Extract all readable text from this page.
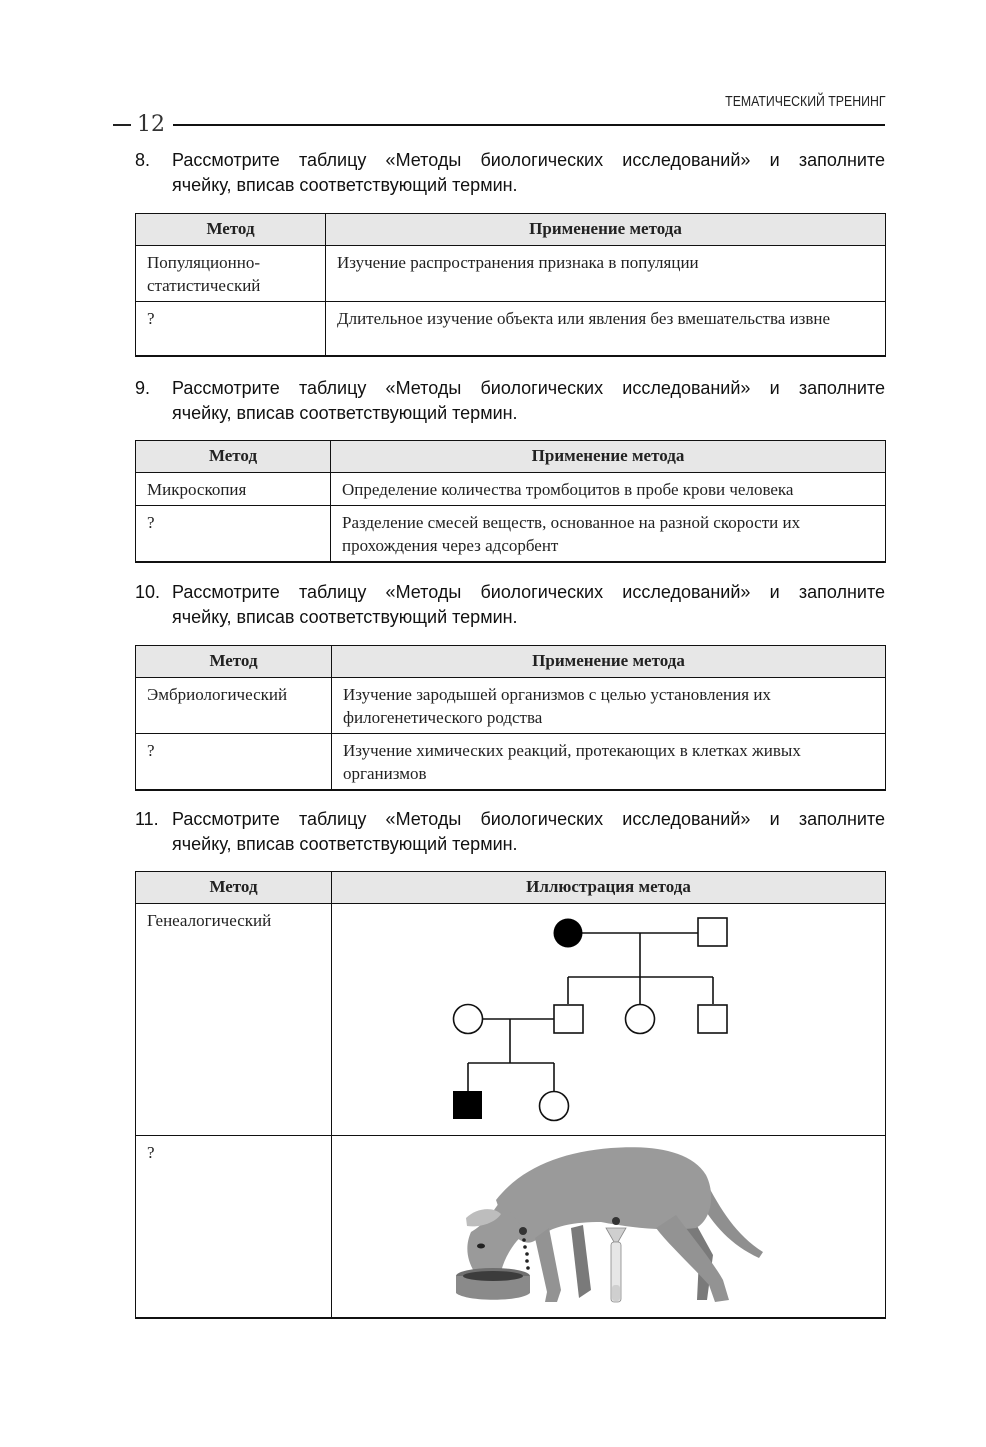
ТЕМАТИЧЕСКИЙ ТРЕНИНГ
12
8. Рассмотрите таблицу «Методы биологических исследований» и заполните
ячейку, вписав соответствующий термин.
Метод	Применение метода

Популяционно-статистический	Изучение распространения признака в популяции
?	Длительное изучение объекта или явления без вмешательства извне
9. Рассмотрите таблицу «Методы биологических исследований» и заполните
ячейку, вписав соответствующий термин.
Метод	Применение метода
Микроскопия	Определение количества тромбоцитов в пробе крови человека
?	Разделение смесей веществ, основанное на разной скорости их прохождения через адсорбент
10. Рассмотрите таблицу «Методы биологических исследований» и заполните
ячейку, вписав соответствующий термин.
Метод	Применение метода
Эмбриологический	Изучение зародышей организмов с целью установления их филогенетического родства
?	Изучение химических реакций, протекающих в клетках живых организмов
11. Рассмотрите таблицу «Методы биологических исследований» и заполните
ячейку, вписав соответствующий термин.
Метод	Иллюстрация метода
Генеалогический	

?	
